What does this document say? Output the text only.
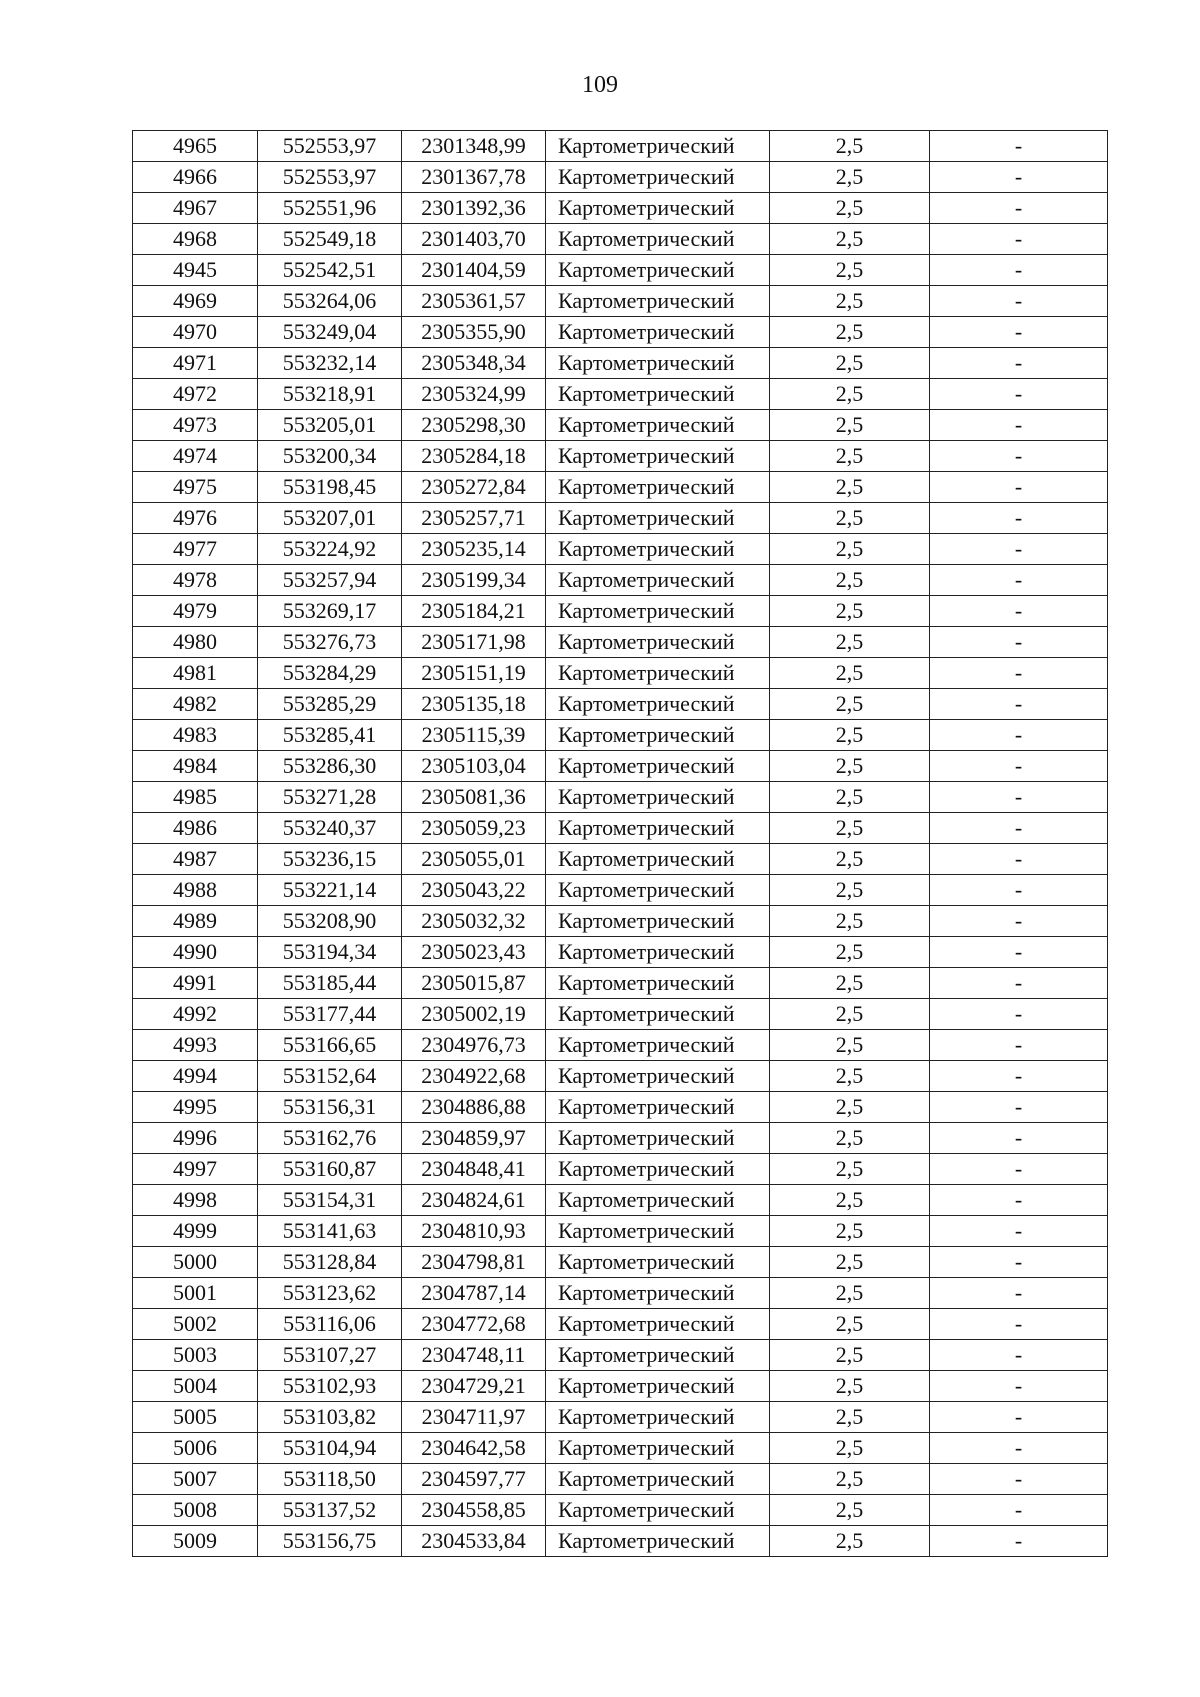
109
4965	552553,97	2301348,99	Картометрический	2,5	-
4966	552553,97	2301367,78	Картометрический	2,5	-
4967	552551,96	2301392,36	Картометрический	2,5	-
4968	552549,18	2301403,70	Картометрический	2,5	-
4945	552542,51	2301404,59	Картометрический	2,5	-
4969	553264,06	2305361,57	Картометрический	2,5	-
4970	553249,04	2305355,90	Картометрический	2,5	-
4971	553232,14	2305348,34	Картометрический	2,5	-
4972	553218,91	2305324,99	Картометрический	2,5	-
4973	553205,01	2305298,30	Картометрический	2,5	-
4974	553200,34	2305284,18	Картометрический	2,5	-
4975	553198,45	2305272,84	Картометрический	2,5	-
4976	553207,01	2305257,71	Картометрический	2,5	-
4977	553224,92	2305235,14	Картометрический	2,5	-
4978	553257,94	2305199,34	Картометрический	2,5	-
4979	553269,17	2305184,21	Картометрический	2,5	-
4980	553276,73	2305171,98	Картометрический	2,5	-
4981	553284,29	2305151,19	Картометрический	2,5	-
4982	553285,29	2305135,18	Картометрический	2,5	-
4983	553285,41	2305115,39	Картометрический	2,5	-
4984	553286,30	2305103,04	Картометрический	2,5	-
4985	553271,28	2305081,36	Картометрический	2,5	-
4986	553240,37	2305059,23	Картометрический	2,5	-
4987	553236,15	2305055,01	Картометрический	2,5	-
4988	553221,14	2305043,22	Картометрический	2,5	-
4989	553208,90	2305032,32	Картометрический	2,5	-
4990	553194,34	2305023,43	Картометрический	2,5	-
4991	553185,44	2305015,87	Картометрический	2,5	-
4992	553177,44	2305002,19	Картометрический	2,5	-
4993	553166,65	2304976,73	Картометрический	2,5	-
4994	553152,64	2304922,68	Картометрический	2,5	-
4995	553156,31	2304886,88	Картометрический	2,5	-
4996	553162,76	2304859,97	Картометрический	2,5	-
4997	553160,87	2304848,41	Картометрический	2,5	-
4998	553154,31	2304824,61	Картометрический	2,5	-
4999	553141,63	2304810,93	Картометрический	2,5	-
5000	553128,84	2304798,81	Картометрический	2,5	-
5001	553123,62	2304787,14	Картометрический	2,5	-
5002	553116,06	2304772,68	Картометрический	2,5	-
5003	553107,27	2304748,11	Картометрический	2,5	-
5004	553102,93	2304729,21	Картометрический	2,5	-
5005	553103,82	2304711,97	Картометрический	2,5	-
5006	553104,94	2304642,58	Картометрический	2,5	-
5007	553118,50	2304597,77	Картометрический	2,5	-
5008	553137,52	2304558,85	Картометрический	2,5	-
5009	553156,75	2304533,84	Картометрический	2,5	-
